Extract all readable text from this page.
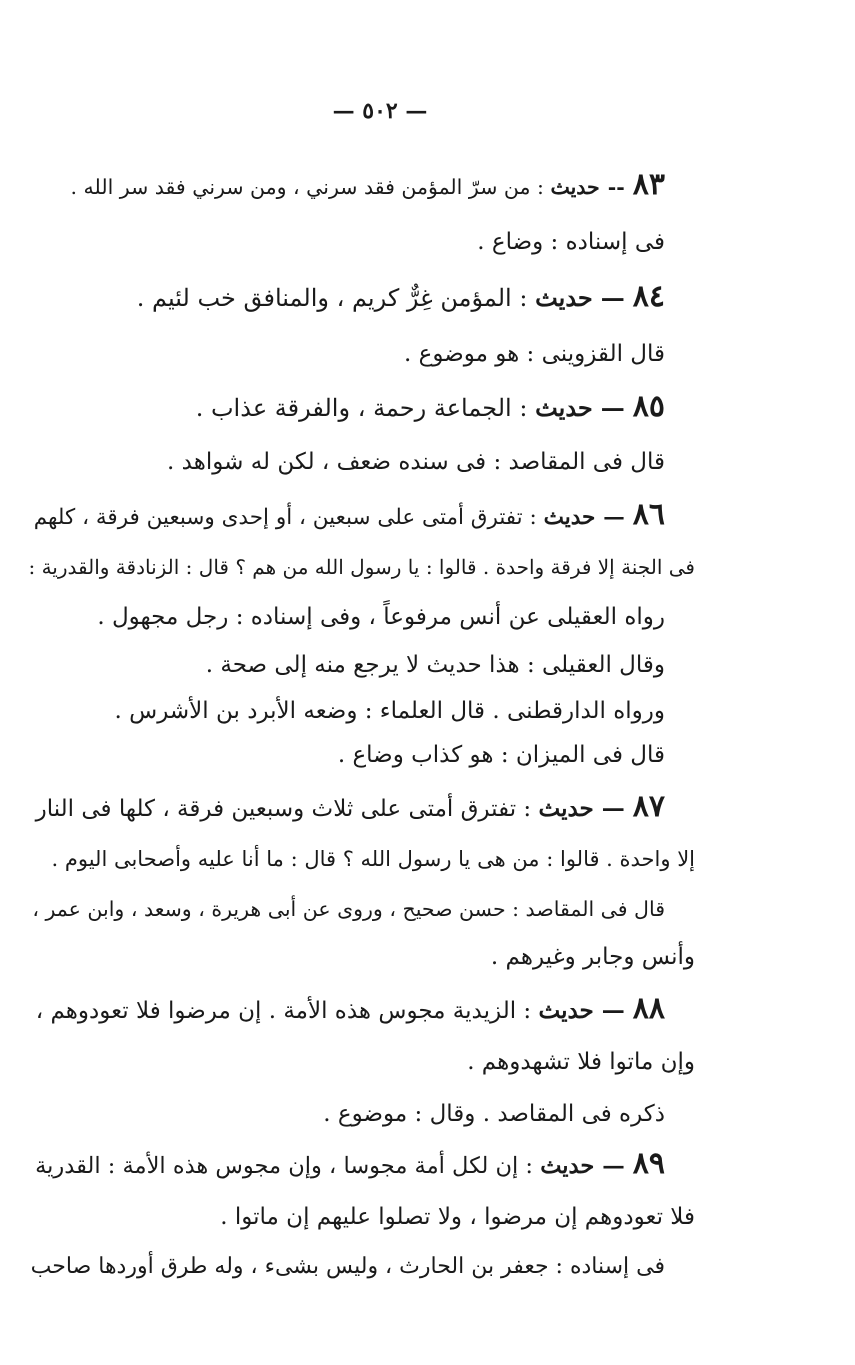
— ٥٠٢ —
٨٣--حديث : من سرّ المؤمن فقد سرني ، ومن سرني فقد سر الله .
فى إسناده : وضاع .
٨٤—حديث : المؤمن غِرٌّ كريم ، والمنافق خب لئيم .
قال القزوينى : هو موضوع .
٨٥—حديث : الجماعة رحمة ، والفرقة عذاب .
قال فى المقاصد : فى سنده ضعف ، لكن له شواهد .
٨٦—حديث : تفترق أمتى على سبعين ، أو إحدى وسبعين فرقة ، كلهم
فى الجنة إلا فرقة واحدة . قالوا : يا رسول الله من هم ؟ قال : الزنادقة والقدرية :
رواه العقيلى عن أنس مرفوعاً ، وفى إسناده : رجل مجهول .
وقال العقيلى : هذا حديث لا يرجع منه إلى صحة .
ورواه الدارقطنى . قال العلماء : وضعه الأبرد بن الأشرس .
قال فى الميزان : هو كذاب وضاع .
٨٧—حديث : تفترق أمتى على ثلاث وسبعين فرقة ، كلها فى النار
إلا واحدة . قالوا : من هى يا رسول الله ؟ قال : ما أنا عليه وأصحابى اليوم .
قال فى المقاصد : حسن صحيح ، وروى عن أبى هريرة ، وسعد ، وابن عمر ،
وأنس وجابر وغيرهم .
٨٨—حديث : الزيدية مجوس هذه الأمة . إن مرضوا فلا تعودوهم ،
وإن ماتوا فلا تشهدوهم .
ذكره فى المقاصد . وقال : موضوع .
٨٩—حديث : إن لكل أمة مجوسا ، وإن مجوس هذه الأمة : القدرية
فلا تعودوهم إن مرضوا ، ولا تصلوا عليهم إن ماتوا .
فى إسناده : جعفر بن الحارث ، وليس بشىء ، وله طرق أوردها صاحب
